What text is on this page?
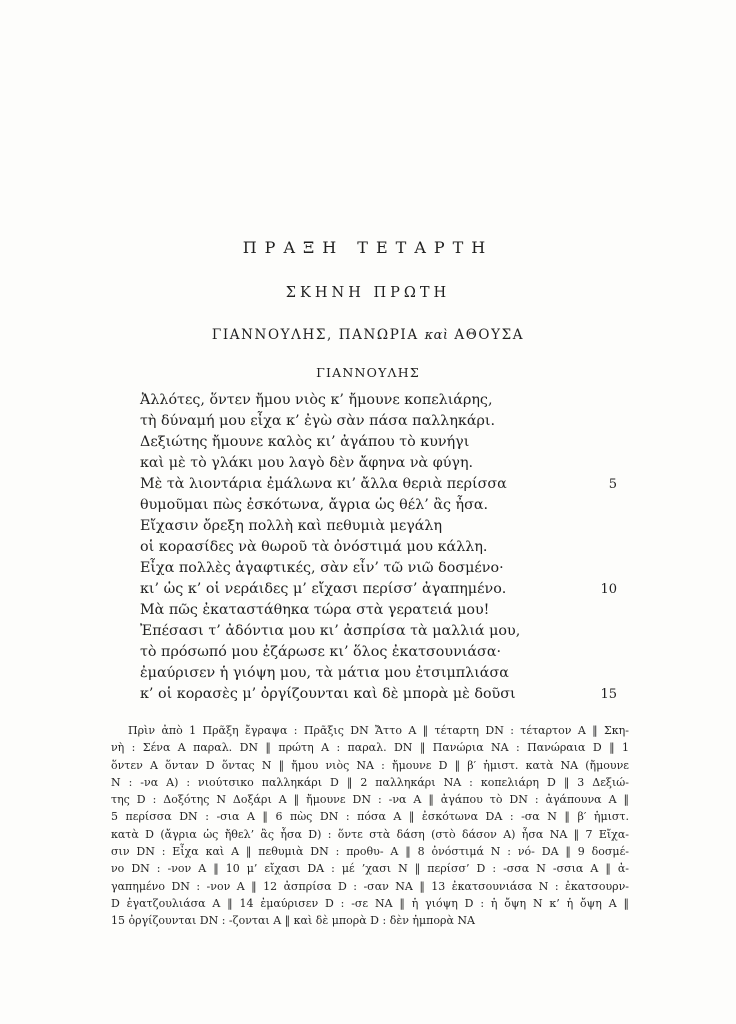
ΠΡΑΞΗ ΤΕΤΑΡΤΗ
ΣΚΗΝΗ ΠΡΩΤΗ
ΓΙΑΝΝΟΥΛΗΣ, ΠΑΝΩΡΙΑ καὶ ΑΘΟΥΣΑ
ΓΙΑΝΝΟΥΛΗΣ
Ἀλλότες, ὅντεν ἤμου νιὸς κ’ ἤμουνε κοπελιάρης,
τὴ δύναμή μου εἶχα κ’ ἐγὼ σὰν πάσα παλληκάρι.
Δεξιώτης ἤμουνε καλὸς κι’ ἀγάπου τὸ κυνήγι
καὶ μὲ τὸ γλάκι μου λαγὸ δὲν ἄφηνα νὰ φύγη.
Μὲ τὰ λιοντάρια ἐμάλωνα κι’ ἄλλα θεριὰ περίσσα	5
θυμοῦμαι πὼς ἐσκότωνα, ἄγρια ὡς θέλ’ ἂς ἦσα.
Εἴχασιν ὄρεξη πολλὴ καὶ πεθυμιὰ μεγάλη
οἱ κορασίδες νὰ θωροῦ τὰ ὀνόστιμά μου κάλλη.
Εἶχα πολλὲς ἀγαφτικές, σὰν εἶν’ τῶ νιῶ δοσμένο·
κι’ ὡς κ’ οἱ νεράιδες μ’ εἴχασι περίσσ’ ἀγαπημένο.	10
Μὰ πῶς ἐκαταστάθηκα τώρα στὰ γερατειά μου!
Ἐπέσασι τ’ ἀδόντια μου κι’ ἀσπρίσα τὰ μαλλιά μου,
τὸ πρόσωπό μου ἐζάρωσε κι’ ὅλος ἐκατσουνιάσα·
ἐμαύρισεν ἡ γιόψη μου, τὰ μάτια μου ἐτσιμπλιάσα
κ’ οἱ κορασὲς μ’ ὀργίζουνται καὶ δὲ μπορὰ μὲ δοῦσι	15
Πρὶν ἀπὸ 1 Πρᾶξη ἔγραψα : Πρᾶξις DN Ἄττο A ‖ τέταρτη DN : τέταρτον A ‖ Σκη-
νὴ : Σένα A παραλ. DN ‖ πρώτη A : παραλ. DN ‖ Πανώρια NA : Πανώραια D ‖ 1
ὅντεν A ὅνταν D ὅντας N ‖ ἤμου νιὸς NA : ἤμουνε D ‖ β′ ἡμιστ. κατὰ NA (ἤμουνε
N : -να A) : νιούτσικο παλληκάρι D ‖ 2 παλληκάρι NA : κοπελιάρη D ‖ 3 Δεξιώ-
της D : Δοξότης N Δοξάρι A ‖ ἤμουνε DN : -να A ‖ ἀγάπου τὸ DN : ἀγάπουνα A ‖
5 περίσσα DN : -σια A ‖ 6 πὼς DN : πόσα A ‖ ἐσκότωνα DA : -σα N ‖ β′ ἡμιστ.
κατὰ D (ἄγρια ὡς ἤθελ’ ἂς ἦσα D) : ὅντε στὰ δάση (στὸ δάσον A) ἦσα NA ‖ 7 Εἴχα-
σιν DN : Εἶχα καὶ A ‖ πεθυμιὰ DN : προθυ- A ‖ 8 ὀνόστιμά N : νό- DA ‖ 9 δοσμέ-
νο DN : -νον A ‖ 10 μ’ εἴχασι DA : μέ ’χασι N ‖ περίσσ’ D : -σσα N -σσια A ‖ ἀ-
γαπημένο DN : -νον A ‖ 12 ἀσπρίσα D : -σαν NA ‖ 13 ἐκατσουνιάσα N : ἐκατσουρν-
D ἐγατζουλιάσα A ‖ 14 ἐμαύρισεν D : -σε NA ‖ ἡ γιόψη D : ἡ ὄψη N κ’ ἡ ὄψη A ‖
15 ὀργίζουνται DN : -ζονται A ‖ καὶ δὲ μπορὰ D : δὲν ἠμπορὰ NA
